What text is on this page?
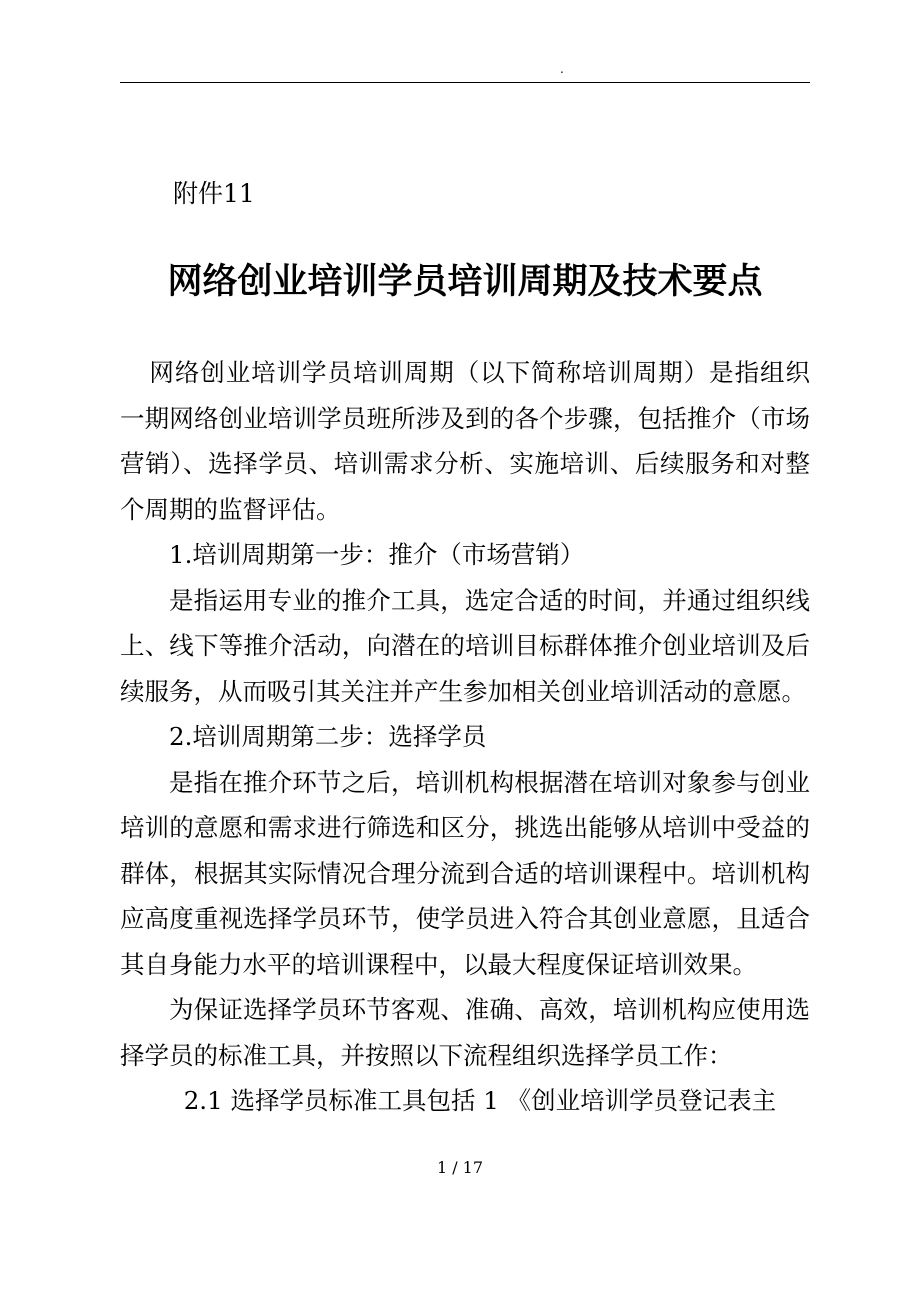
.
附件11
网络创业培训学员培训周期及技术要点

网络创业培训学员培训周期（以下简称培训周期）是指组织一期网络创业培训学员班所涉及到的各个步骤，包括推介（市场营销）、选择学员、培训需求分析、实施培训、后续服务和对整个周期的监督评估。

1.培训周期第一步：推介（市场营销）

是指运用专业的推介工具，选定合适的时间，并通过组织线上、线下等推介活动，向潜在的培训目标群体推介创业培训及后续服务，从而吸引其关注并产生参加相关创业培训活动的意愿。

2.培训周期第二步：选择学员

是指在推介环节之后，培训机构根据潜在培训对象参与创业培训的意愿和需求进行筛选和区分，挑选出能够从培训中受益的群体，根据其实际情况合理分流到合适的培训课程中。培训机构应高度重视选择学员环节，使学员进入符合其创业意愿，且适合其自身能力水平的培训课程中，以最大程度保证培训效果。

为保证选择学员环节客观、准确、高效，培训机构应使用选择学员的标准工具，并按照以下流程组织选择学员工作：

2.1 选择学员标准工具包括 1 《创业培训学员登记表主

1 / 17
